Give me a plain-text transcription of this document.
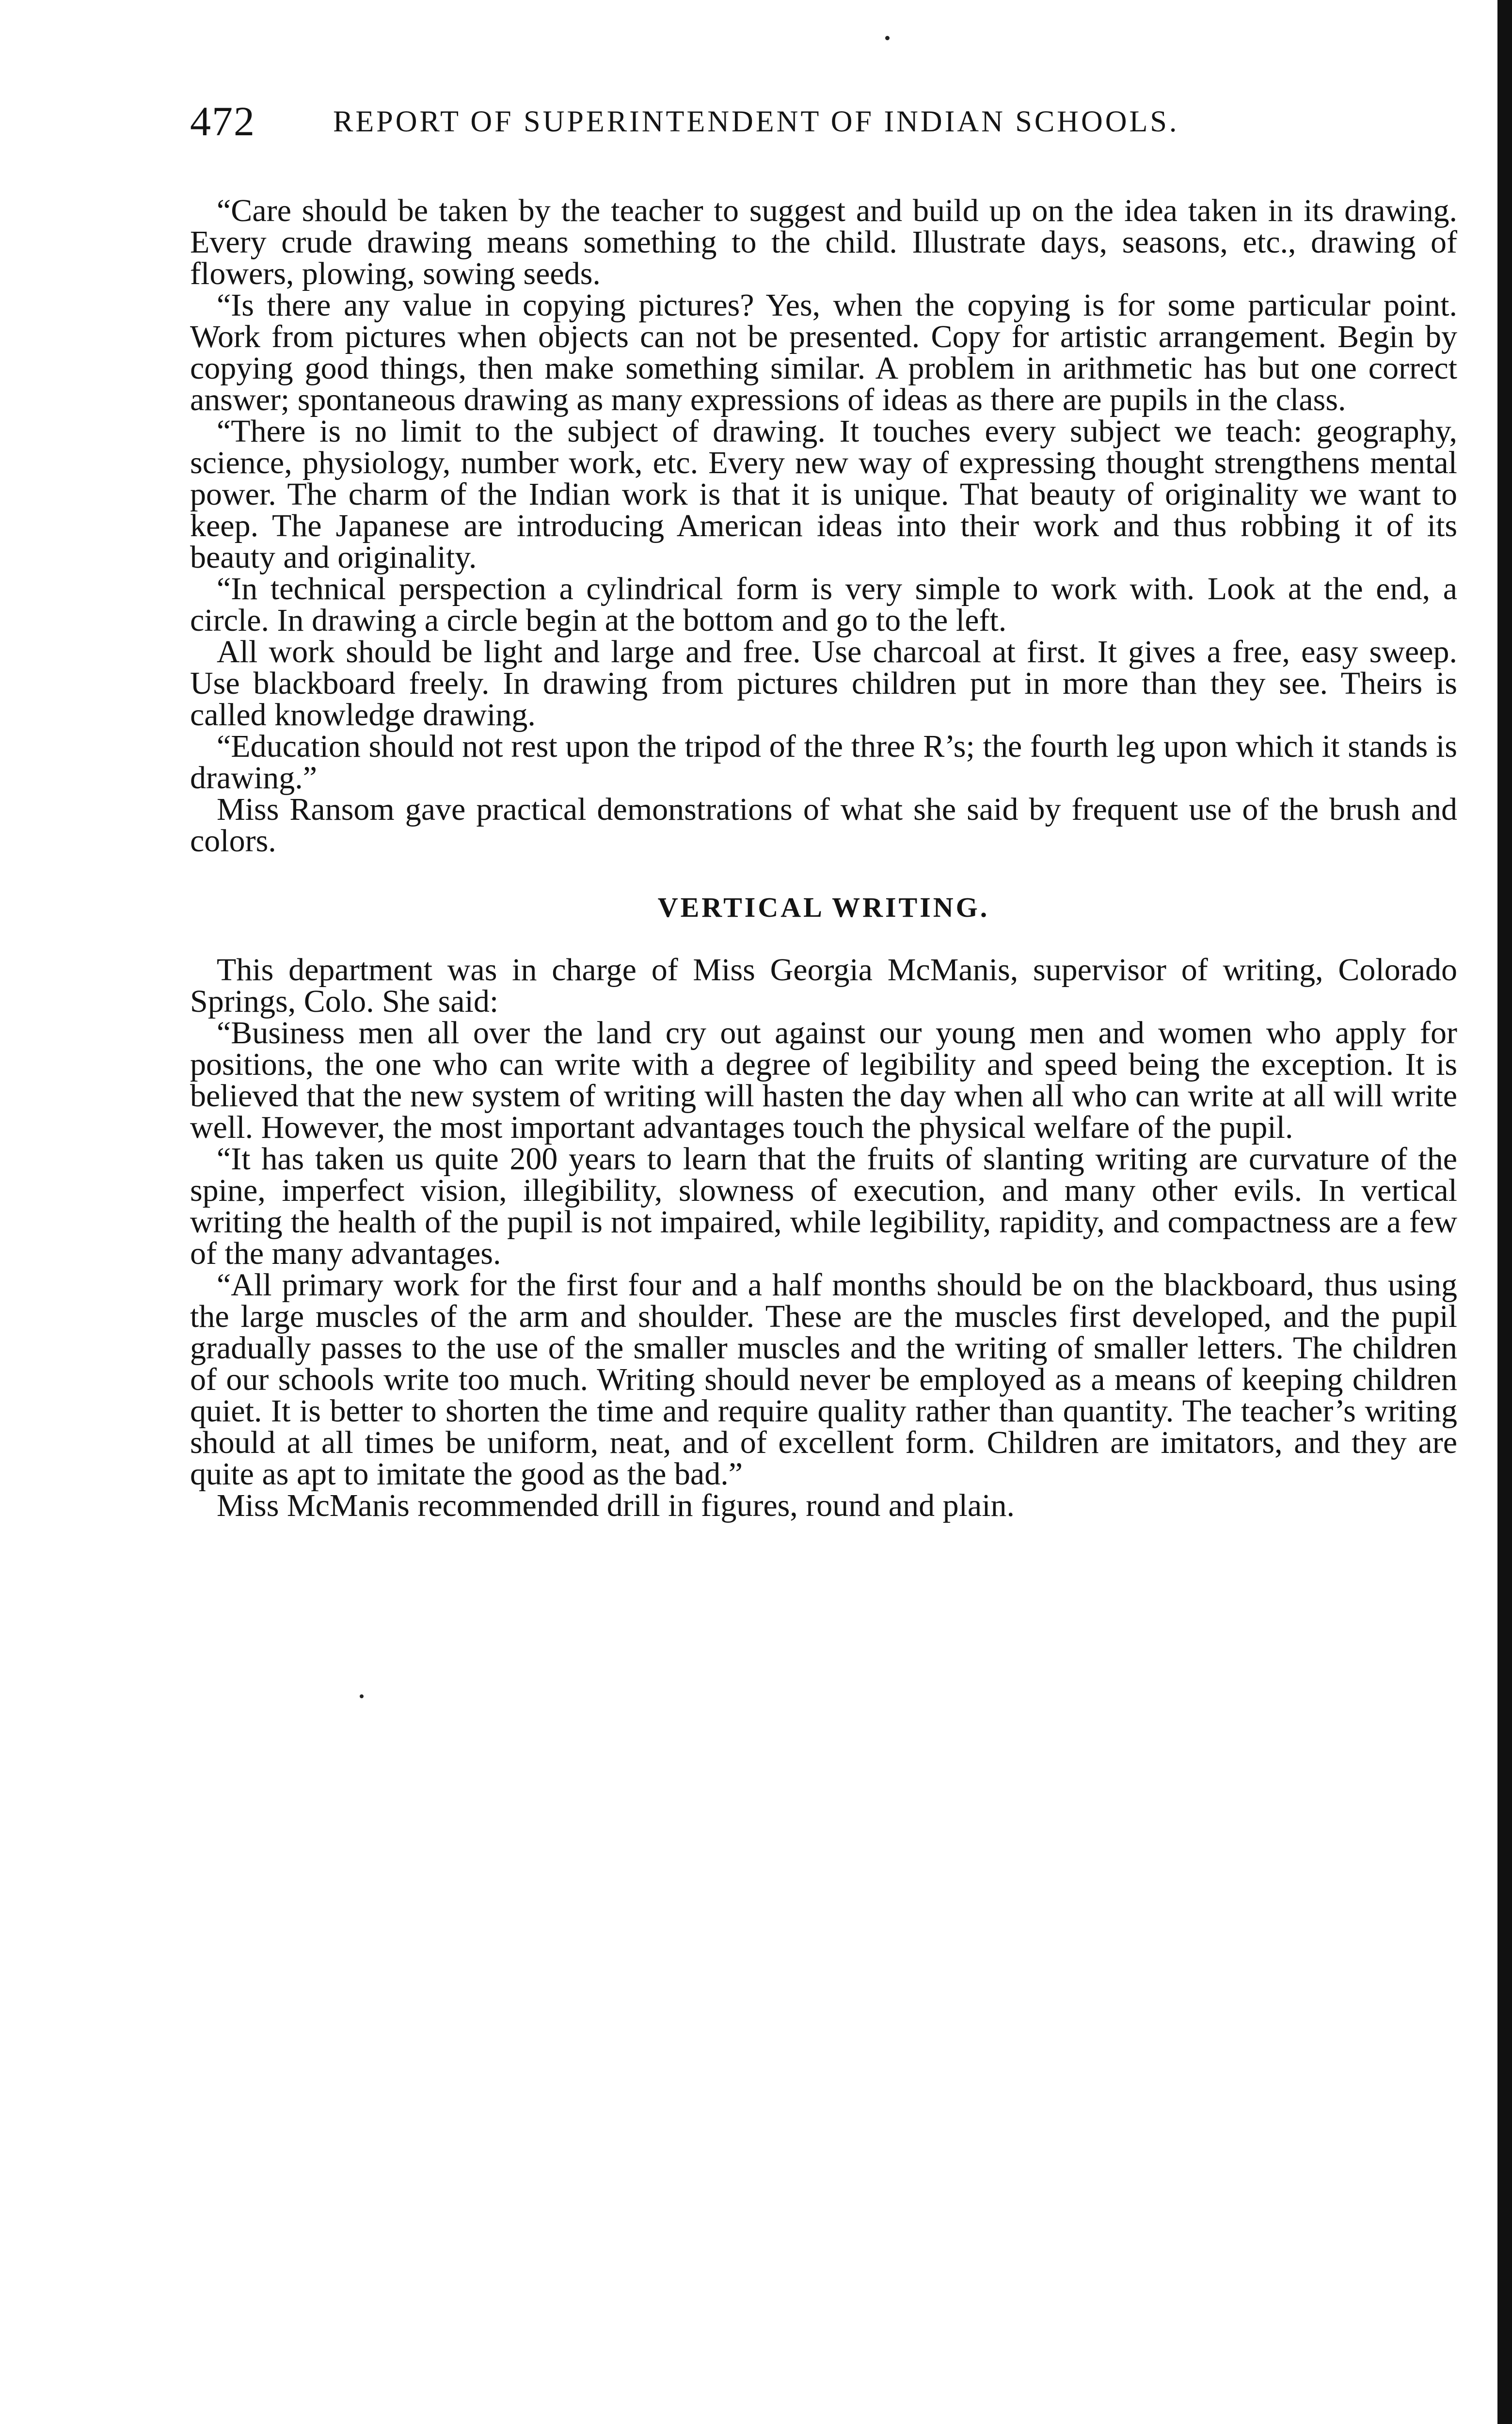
472	REPORT OF SUPERINTENDENT OF INDIAN SCHOOLS.

“Care should be taken by the teacher to suggest and build up on the idea taken in its drawing. Every crude drawing means something to the child. Illustrate days, seasons, etc., drawing of flowers, plowing, sowing seeds.

“Is there any value in copying pictures? Yes, when the copying is for some particular point. Work from pictures when objects can not be presented. Copy for artistic arrangement. Begin by copying good things, then make something similar. A problem in arithmetic has but one correct answer; spontaneous drawing as many expressions of ideas as there are pupils in the class.

“There is no limit to the subject of drawing. It touches every subject we teach: geography, science, physiology, number work, etc. Every new way of expressing thought strengthens mental power. The charm of the Indian work is that it is unique. That beauty of originality we want to keep. The Japanese are introducing American ideas into their work and thus robbing it of its beauty and originality.

“In technical perspection a cylindrical form is very simple to work with. Look at the end, a circle. In drawing a circle begin at the bottom and go to the left.

All work should be light and large and free. Use charcoal at first. It gives a free, easy sweep. Use blackboard freely. In drawing from pictures children put in more than they see. Theirs is called knowledge drawing.

“Education should not rest upon the tripod of the three R’s; the fourth leg upon which it stands is drawing.”

Miss Ransom gave practical demonstrations of what she said by frequent use of the brush and colors.

VERTICAL WRITING.

This department was in charge of Miss Georgia McManis, supervisor of writing, Colorado Springs, Colo. She said:

“Business men all over the land cry out against our young men and women who apply for positions, the one who can write with a degree of legibility and speed being the exception. It is believed that the new system of writing will hasten the day when all who can write at all will write well. However, the most important advantages touch the physical welfare of the pupil.

“It has taken us quite 200 years to learn that the fruits of slanting writing are curvature of the spine, imperfect vision, illegibility, slowness of execution, and many other evils. In vertical writing the health of the pupil is not impaired, while legibility, rapidity, and compactness are a few of the many advantages.

“All primary work for the first four and a half months should be on the blackboard, thus using the large muscles of the arm and shoulder. These are the muscles first developed, and the pupil gradually passes to the use of the smaller muscles and the writing of smaller letters. The children of our schools write too much. Writing should never be employed as a means of keeping children quiet. It is better to shorten the time and require quality rather than quantity. The teacher’s writing should at all times be uniform, neat, and of excellent form. Children are imitators, and they are quite as apt to imitate the good as the bad.”

Miss McManis recommended drill in figures, round and plain.
